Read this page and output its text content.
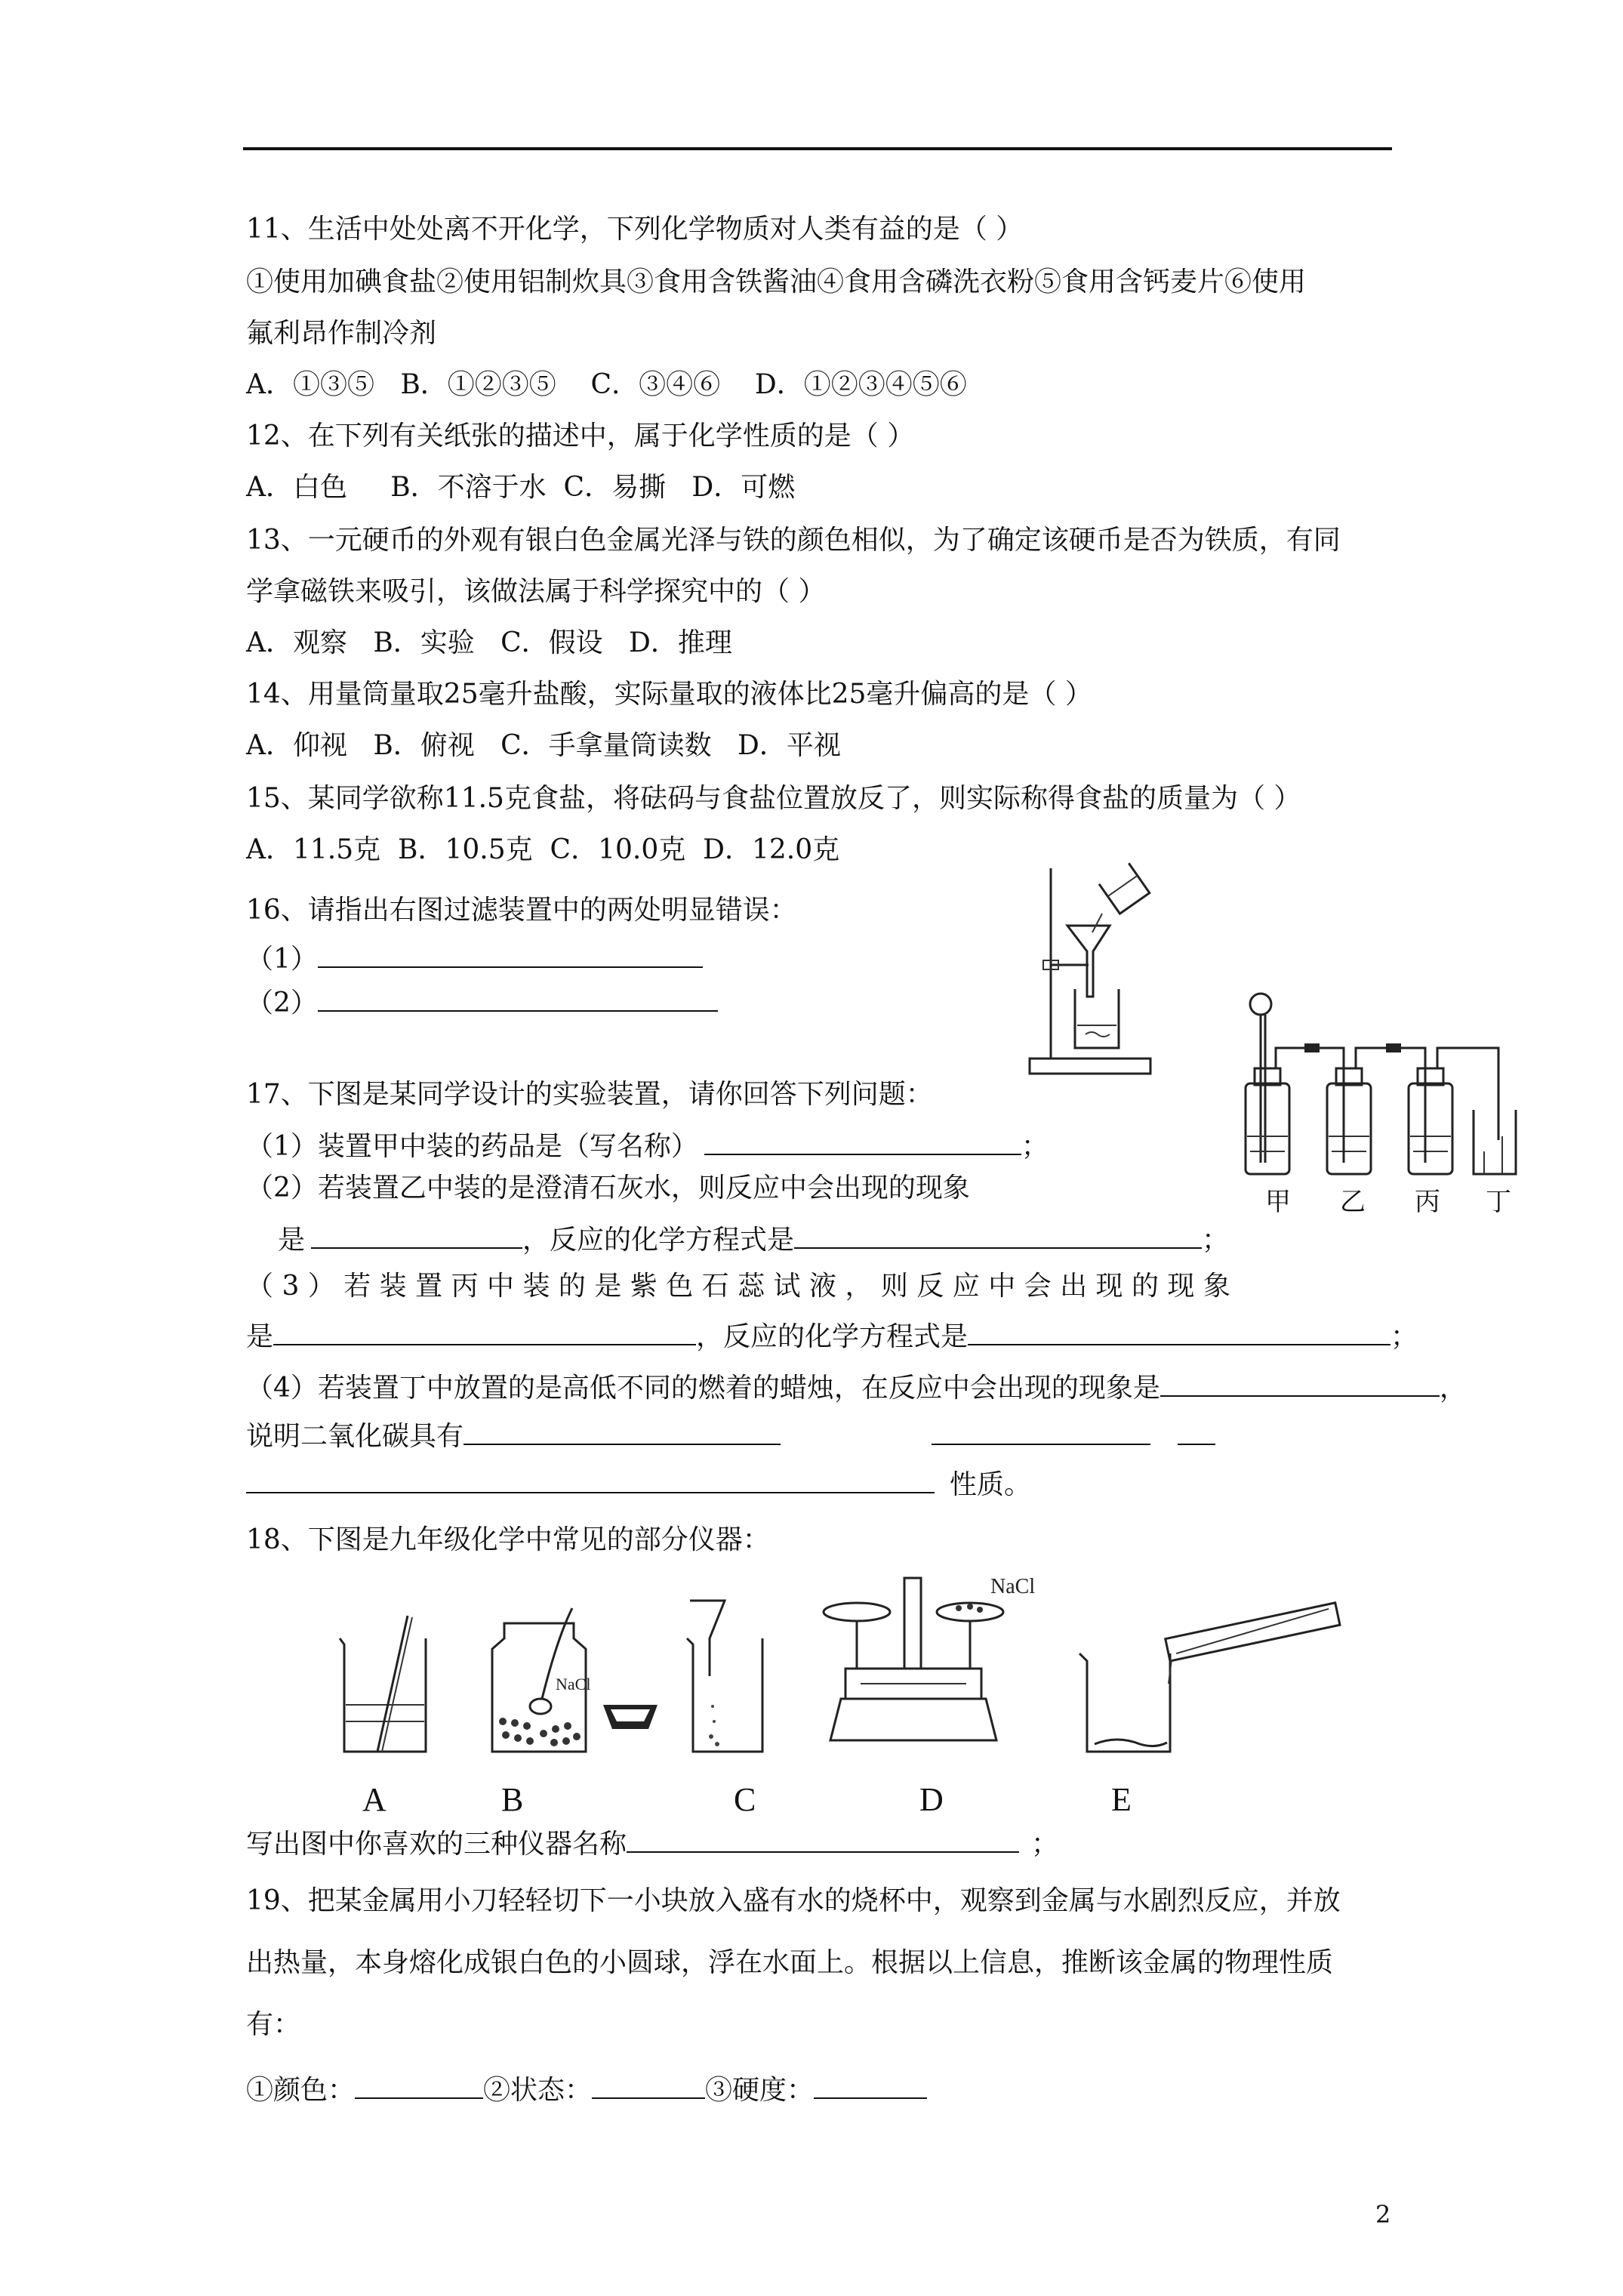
11、生活中处处离不开化学，下列化学物质对人类有益的是（ ）
①使用加碘食盐②使用铝制炊具③食用含铁酱油④食用含磷洗衣粉⑤食用含钙麦片⑥使用
氟利昂作制冷剂
A．①③⑤   B．①②③⑤    C．③④⑥    D．①②③④⑤⑥
12、在下列有关纸张的描述中，属于化学性质的是（ ）
A．白色     B．不溶于水  C．易撕   D．可燃
13、一元硬币的外观有银白色金属光泽与铁的颜色相似，为了确定该硬币是否为铁质，有同
学拿磁铁来吸引，该做法属于科学探究中的（ ）
A．观察   B．实验   C．假设   D．推理
14、用量筒量取25毫升盐酸，实际量取的液体比25毫升偏高的是（ ）
A．仰视   B．俯视   C．手拿量筒读数   D．平视
15、某同学欲称11.5克食盐，将砝码与食盐位置放反了，则实际称得食盐的质量为（ ）
A．11.5克  B．10.5克  C．10.0克  D．12.0克
16、请指出右图过滤装置中的两处明显错误：
（1）
（2）
甲 乙 丙 丁
17、下图是某同学设计的实验装置，请你回答下列问题：
（1）装置甲中装的药品是（写名称）	；
（2）若装置乙中装的是澄清石灰水，则反应中会出现的现象
是	，反应的化学方程式是	；
（ 3 ） 若 装 置 丙 中 装 的 是 紫 色 石 蕊 试 液 ， 则 反 应 中 会 出 现 的 现 象
是	，反应的化学方程式是	；
（4）若装置丁中放置的是高低不同的燃着的蜡烛，在反应中会出现的现象是	，
说明二氧化碳具有
性质。
18、下图是九年级化学中常见的部分仪器：
NaCl
NaCl
A	B	C	D	E
写出图中你喜欢的三种仪器名称	；
19、把某金属用小刀轻轻切下一小块放入盛有水的烧杯中，观察到金属与水剧烈反应，并放
出热量，本身熔化成银白色的小圆球，浮在水面上。根据以上信息，推断该金属的物理性质
有：
①颜色：	②状态：	③硬度：
2
